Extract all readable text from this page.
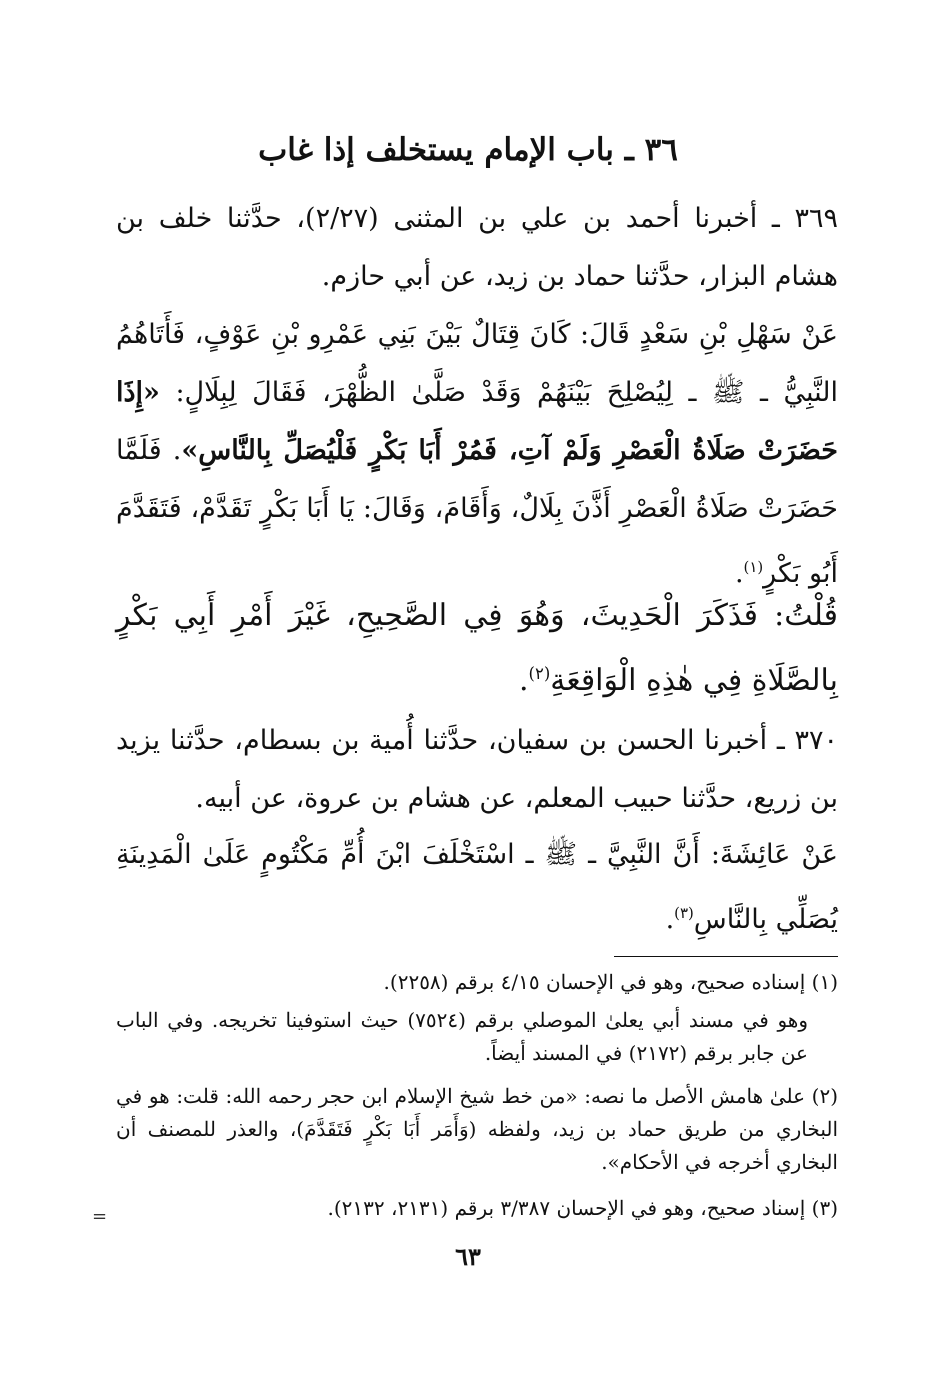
٣٦ ـ باب الإمام يستخلف إذا غاب
٣٦٩ ـ أخبرنا أحمد بن علي بن المثنى (٢/٢٧)، حدَّثنا خلف بن هشام البزار، حدَّثنا حماد بن زيد، عن أبي حازم.
عَنْ سَهْلِ بْنِ سَعْدٍ قَالَ: كَانَ قِتَالٌ بَيْنَ بَنِي عَمْرِو بْنِ عَوْفٍ، فَأَتَاهُمُ النَّبِيُّ ـ ﷺ ـ لِيُصْلِحَ بَيْنَهُمْ وَقَدْ صَلَّىٰ الظُّهْرَ، فَقَالَ لِبِلَالٍ: «إِذَا حَضَرَتْ صَلَاةُ الْعَصْرِ وَلَمْ آتِ، فَمُرْ أَبَا بَكْرٍ فَلْيُصَلِّ بِالنَّاسِ». فَلَمَّا حَضَرَتْ صَلَاةُ الْعَصْرِ أَذَّنَ بِلَالٌ، وَأَقَامَ، وَقَالَ: يَا أَبَا بَكْرٍ تَقَدَّمْ، فَتَقَدَّمَ أَبُو بَكْرٍ$^{(١)}$.
قُلْتُ: فَذَكَرَ الْحَدِيثَ، وَهُوَ فِي الصَّحِيحِ، غَيْرَ أَمْرِ أَبِي بَكْرٍ بِالصَّلَاةِ فِي هٰذِهِ الْوَاقِعَةِ$^{(٢)}$.
٣٧٠ ـ أخبرنا الحسن بن سفيان، حدَّثنا أُمية بن بسطام، حدَّثنا يزيد بن زريع، حدَّثنا حبيب المعلم، عن هشام بن عروة، عن أبيه.
عَنْ عَائِشَةَ: أَنَّ النَّبِيَّ ـ ﷺ ـ اسْتَخْلَفَ ابْنَ أُمِّ مَكْتُومٍ عَلَىٰ الْمَدِينَةِ يُصَلِّي بِالنَّاسِ$^{(٣)}$.
(١) إسناده صحيح، وهو في الإحسان ٤/١٥ برقم (٢٢٥٨).
وهو في مسند أبي يعلىٰ الموصلي برقم (٧٥٢٤) حيث استوفينا تخريجه. وفي الباب عن جابر برقم (٢١٧٢) في المسند أيضاً.
(٢) علىٰ هامش الأصل ما نصه: «من خط شيخ الإسلام ابن حجر رحمه الله: قلت: هو في البخاري من طريق حماد بن زيد، ولفظه (وَأَمَر أَبَا بَكْرٍ فَتَقَدَّمَ)، والعذر للمصنف أن البخاري أخرجه في الأحكام».
(٣) إسناد صحيح، وهو في الإحسان ٣/٣٨٧ برقم (٢١٣١، ٢١٣٢).
=
٦٣
